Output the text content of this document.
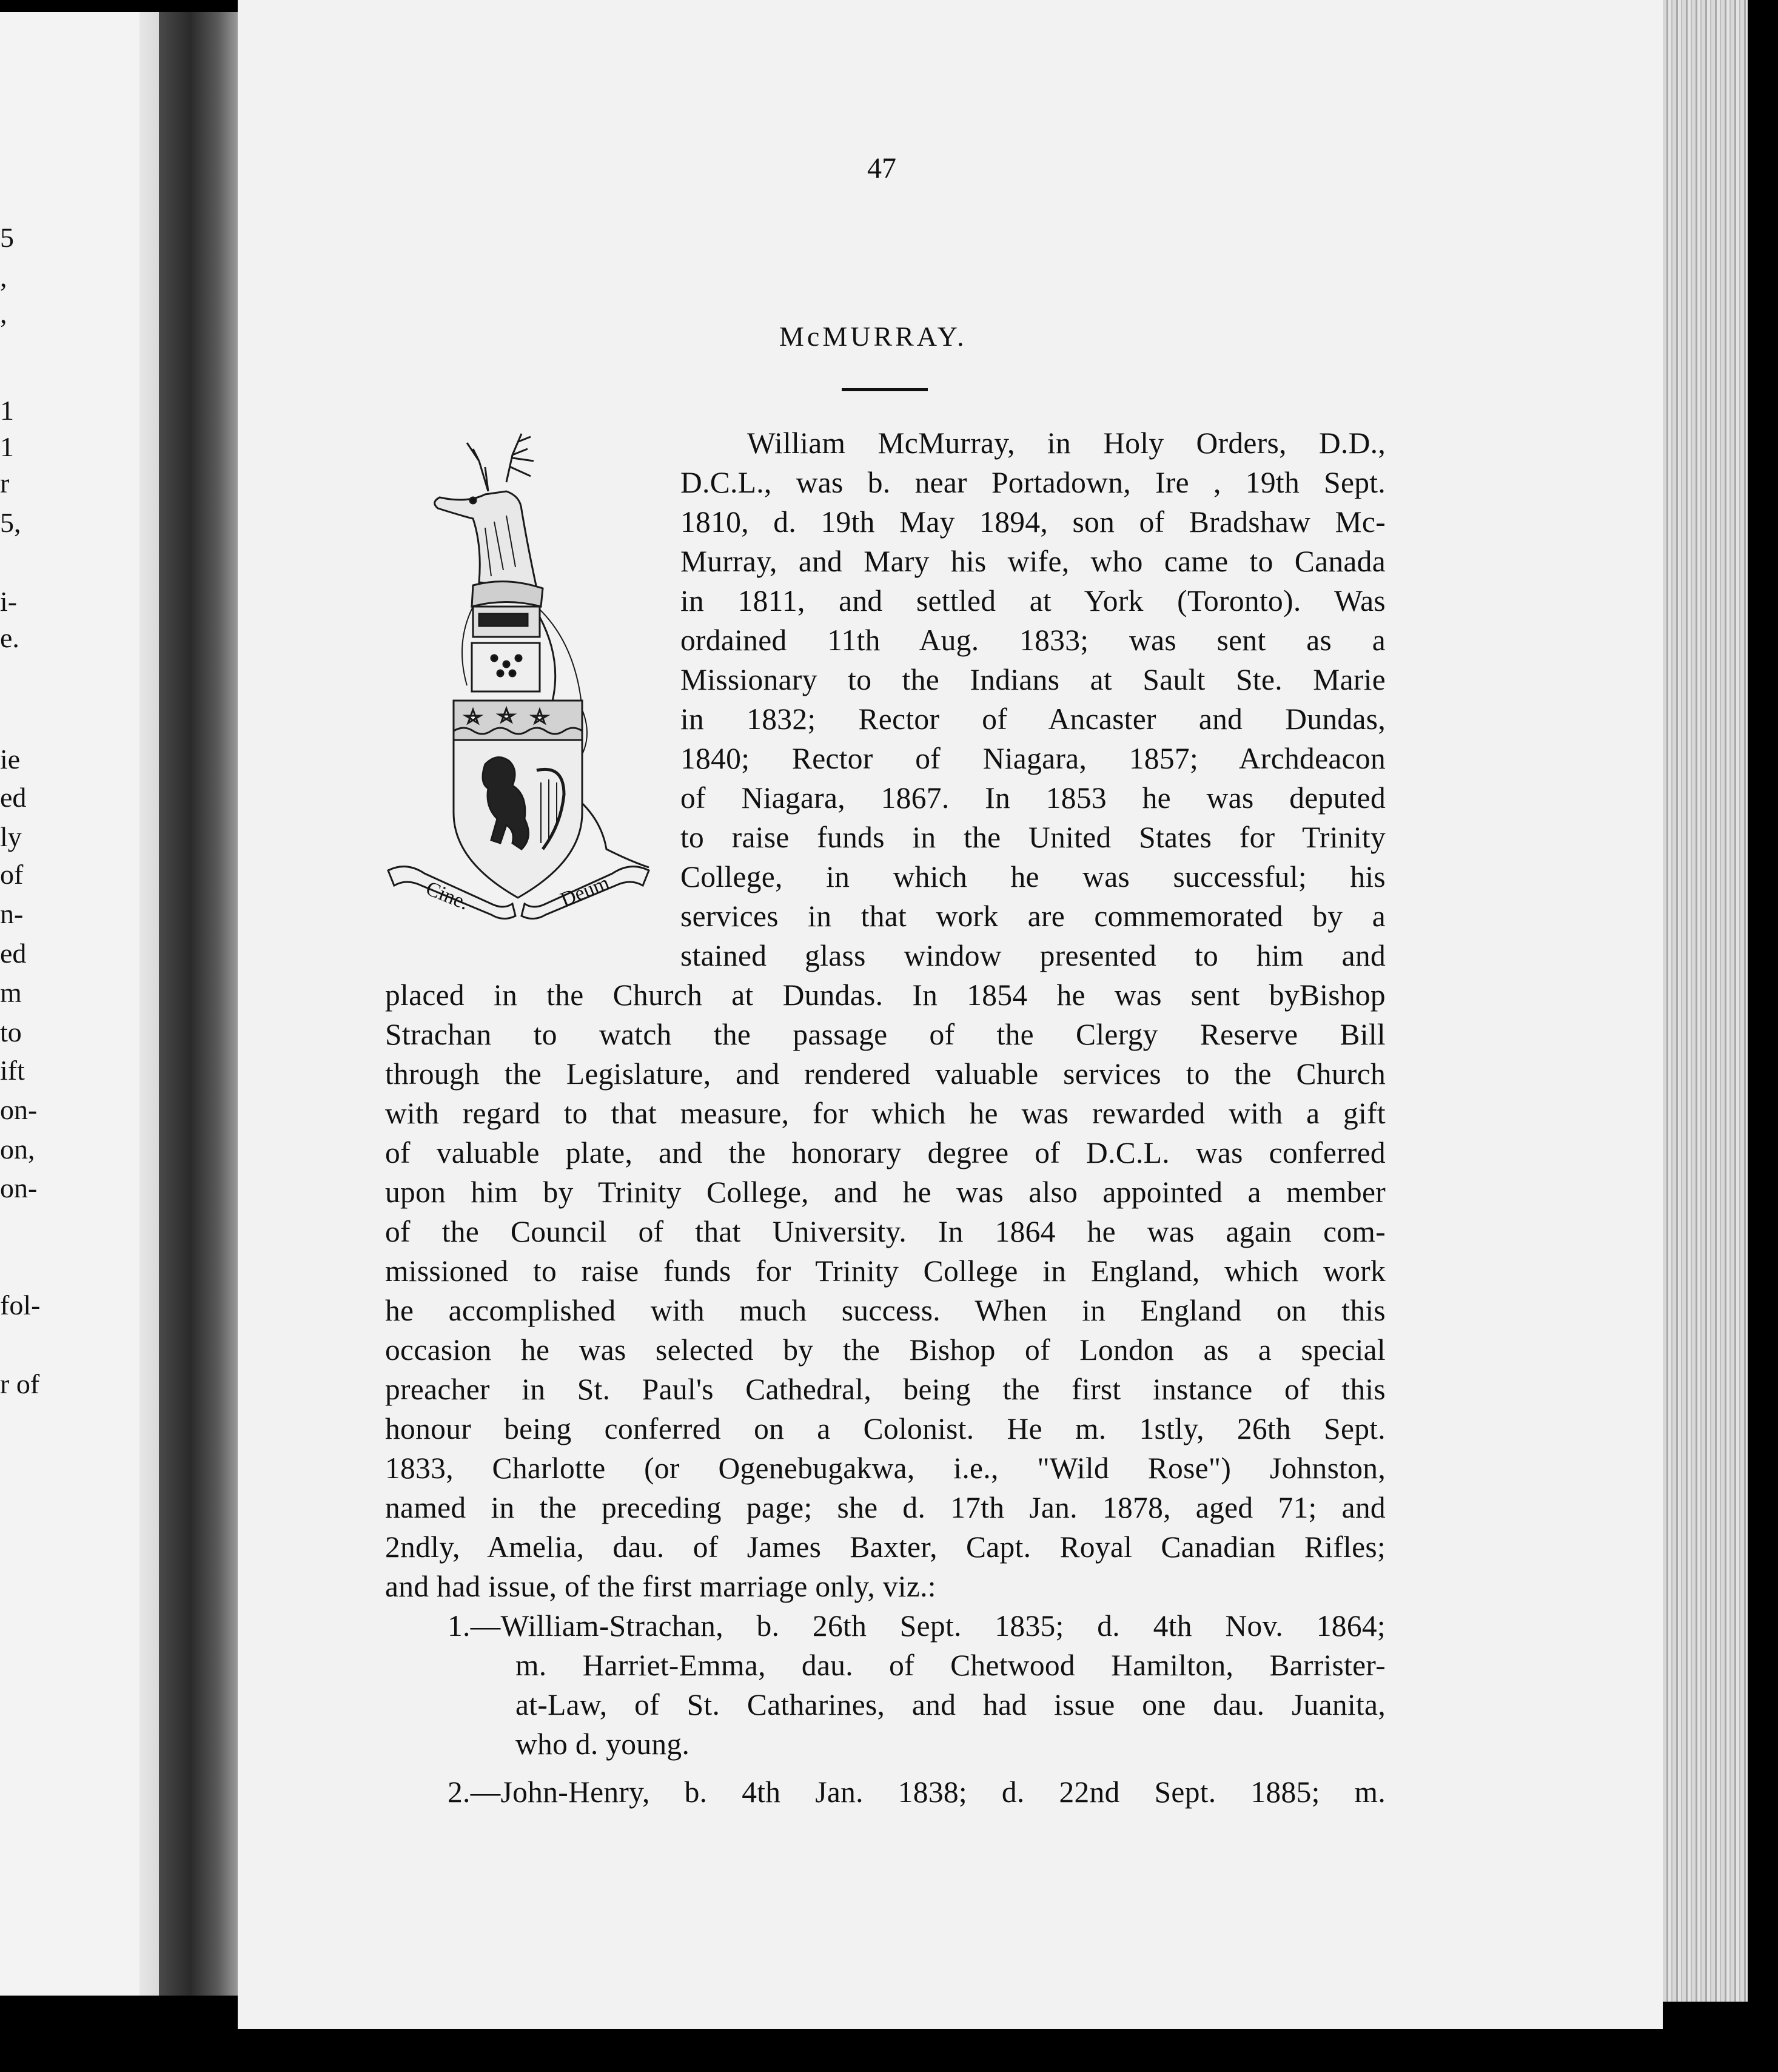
5
,
,
1
1
r
5,
i-
e.
ie
ed
ly
of
n-
ed
m
to
ift
on-
on,
on-
fol-
r of
47
McMURRAY.
Cine.	Deum
William McMurray, in Holy Orders, D.D.,
D.C.L., was b. near Portadown, Ire , 19th Sept.
1810, d. 19th May 1894, son of Bradshaw Mc-
Murray, and Mary his wife, who came to Canada
in 1811, and settled at York (Toronto). Was
ordained 11th Aug. 1833; was sent as a
Missionary to the Indians at Sault Ste. Marie
in 1832; Rector of Ancaster and Dundas,
1840; Rector of Niagara, 1857; Archdeacon
of Niagara, 1867. In 1853 he was deputed
to raise funds in the United States for Trinity
College, in which he was successful; his
services in that work are commemorated by a
stained glass window presented to him and
placed in the Church at Dundas. In 1854 he was sent byBishop
Strachan to watch the passage of the Clergy Reserve Bill
through the Legislature, and rendered valuable services to the Church
with regard to that measure, for which he was rewarded with a gift
of valuable plate, and the honorary degree of D.C.L. was conferred
upon him by Trinity College, and he was also appointed a member
of the Council of that University. In 1864 he was again com-
missioned to raise funds for Trinity College in England, which work
he accomplished with much success. When in England on this
occasion he was selected by the Bishop of London as a special
preacher in St. Paul's Cathedral, being the first instance of this
honour being conferred on a Colonist. He m. 1stly, 26th Sept.
1833, Charlotte (or Ogenebugakwa, i.e., "Wild Rose") Johnston,
named in the preceding page; she d. 17th Jan. 1878, aged 71; and
2ndly, Amelia, dau. of James Baxter, Capt. Royal Canadian Rifles;
and had issue, of the first marriage only, viz.:
1.—William-Strachan, b. 26th Sept. 1835; d. 4th Nov. 1864;
m. Harriet-Emma, dau. of Chetwood Hamilton, Barrister-
at-Law, of St. Catharines, and had issue one dau. Juanita,
who d. young.
2.—John-Henry, b. 4th Jan. 1838; d. 22nd Sept. 1885; m.
